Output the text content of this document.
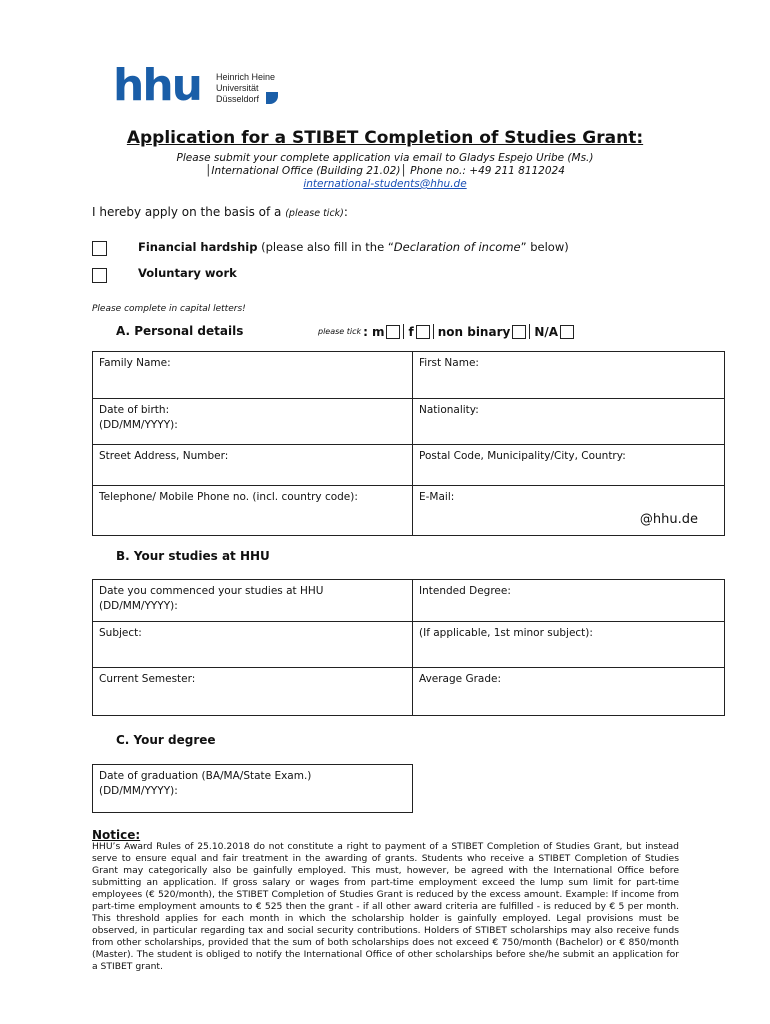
hhu Heinrich Heine
Universität
Düsseldorf
Application for a STIBET Completion of Studies Grant:
Please submit your complete application via email to Gladys Espejo Uribe (Ms.)
│International Office (Building 21.02)│ Phone no.: +49 211 8112024
international-students@hhu.de
I hereby apply on the basis of a (please tick):
Financial hardship (please also fill in the “Declaration of income” below)
Voluntary work
Please complete in capital letters!
A. Personal details	please tick : m f non binary N/A
Family Name:	First Name:
Date of birth:
(DD/MM/YYYY):	Nationality:
Street Address, Number:	Postal Code, Municipality/City, Country:
Telephone/ Mobile Phone no. (incl. country code):	E-Mail:
@hhu.de
B. Your studies at HHU
Date you commenced your studies at HHU
(DD/MM/YYYY):	Intended Degree:
Subject:	(If applicable, 1st minor subject):
Current Semester:	Average Grade:
C. Your degree
Date of graduation (BA/MA/State Exam.)
(DD/MM/YYYY):
Notice:
HHU’s Award Rules of 25.10.2018 do not constitute a right to payment of a STIBET Completion of Studies Grant, but instead serve to ensure equal and fair treatment in the awarding of grants. Students who receive a STIBET Completion of Studies Grant may categorically also be gainfully employed. This must, however, be agreed with the International Office before submitting an application. If gross salary or wages from part-time employment exceed the lump sum limit for part-time employees (€ 520/month), the STIBET Completion of Studies Grant is reduced by the excess amount. Example: If income from part-time employment amounts to € 525 then the grant - if all other award criteria are fulfilled - is reduced by € 5 per month. This threshold applies for each month in which the scholarship holder is gainfully employed. Legal provisions must be observed, in particular regarding tax and social security contributions. Holders of STIBET scholarships may also receive funds from other scholarships, provided that the sum of both scholarships does not exceed € 750/month (Bachelor) or € 850/month (Master). The student is obliged to notify the International Office of other scholarships before she/he submit an application for a STIBET grant.
